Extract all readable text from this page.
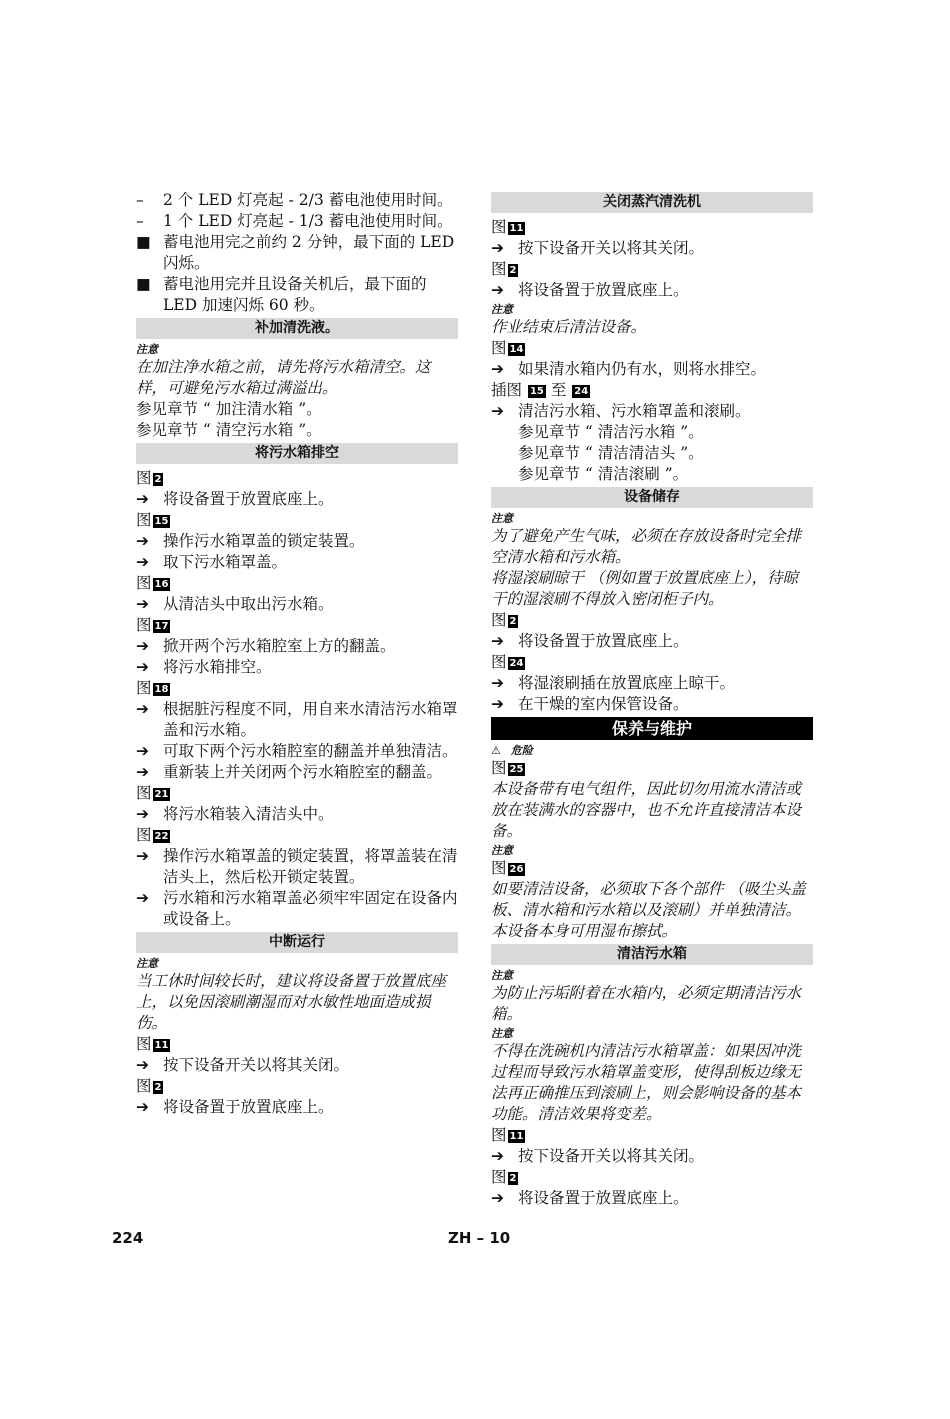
– 2 个 LED 灯亮起 - 2/3 蓄电池使用时间。
– 1 个 LED 灯亮起 - 1/3 蓄电池使用时间。
■ 蓄电池用完之前约 2 分钟，最下面的 LED 闪烁。
■ 蓄电池用完并且设备关机后，最下面的 LED 加速闪烁 60 秒。
补加清洗液。
注意
在加注净水箱之前，请先将污水箱清空。这样，可避免污水箱过满溢出。
参见章节 “ 加注清水箱 ”。
参见章节 “ 清空污水箱 ”。
将污水箱排空
图 2
➔ 将设备置于放置底座上。
图 15
➔ 操作污水箱罩盖的锁定装置。
➔ 取下污水箱罩盖。
图 16
➔ 从清洁头中取出污水箱。
图 17
➔ 掀开两个污水箱腔室上方的翻盖。
➔ 将污水箱排空。
图 18
➔ 根据脏污程度不同，用自来水清洁污水箱罩盖和污水箱。
➔ 可取下两个污水箱腔室的翻盖并单独清洁。
➔ 重新装上并关闭两个污水箱腔室的翻盖。
图 21
➔ 将污水箱装入清洁头中。
图 22
➔ 操作污水箱罩盖的锁定装置，将罩盖装在清洁头上，然后松开锁定装置。
➔ 污水箱和污水箱罩盖必须牢牢固定在设备内或设备上。
中断运行
注意
当工休时间较长时，建议将设备置于放置底座上，以免因滚刷潮湿而对水敏性地面造成损伤。
图 11
➔ 按下设备开关以将其关闭。
图 2
➔ 将设备置于放置底座上。
关闭蒸汽清洗机
图 11
➔ 按下设备开关以将其关闭。
图 2
➔ 将设备置于放置底座上。
注意
作业结束后清洁设备。
图 14
➔ 如果清水箱内仍有水，则将水排空。
插图 15 至 24
➔ 清洁污水箱、污水箱罩盖和滚刷。
参见章节 “ 清洁污水箱 ”。
参见章节 “ 清洁清洁头 ”。
参见章节 “ 清洁滚刷 ”。
设备储存
注意
为了避免产生气味，必须在存放设备时完全排空清水箱和污水箱。
将湿滚刷晾干 （例如置于放置底座上），待晾干的湿滚刷不得放入密闭柜子内。
图 2
➔ 将设备置于放置底座上。
图 24
➔ 将湿滚刷插在放置底座上晾干。
➔ 在干燥的室内保管设备。
保养与维护
⚠ 危险
图 25
本设备带有电气组件，因此切勿用流水清洁或放在装满水的容器中，也不允许直接清洁本设备。
注意
图 26
如要清洁设备，必须取下各个部件 （吸尘头盖板、清水箱和污水箱以及滚刷）并单独清洁。本设备本身可用湿布擦拭。
清洁污水箱
注意
为防止污垢附着在水箱内，必须定期清洁污水箱。
注意
不得在洗碗机内清洁污水箱罩盖：如果因冲洗过程而导致污水箱罩盖变形，使得刮板边缘无法再正确推压到滚刷上，则会影响设备的基本功能。清洁效果将变差。
图 11
➔ 按下设备开关以将其关闭。
图 2
➔ 将设备置于放置底座上。
224	ZH – 10
